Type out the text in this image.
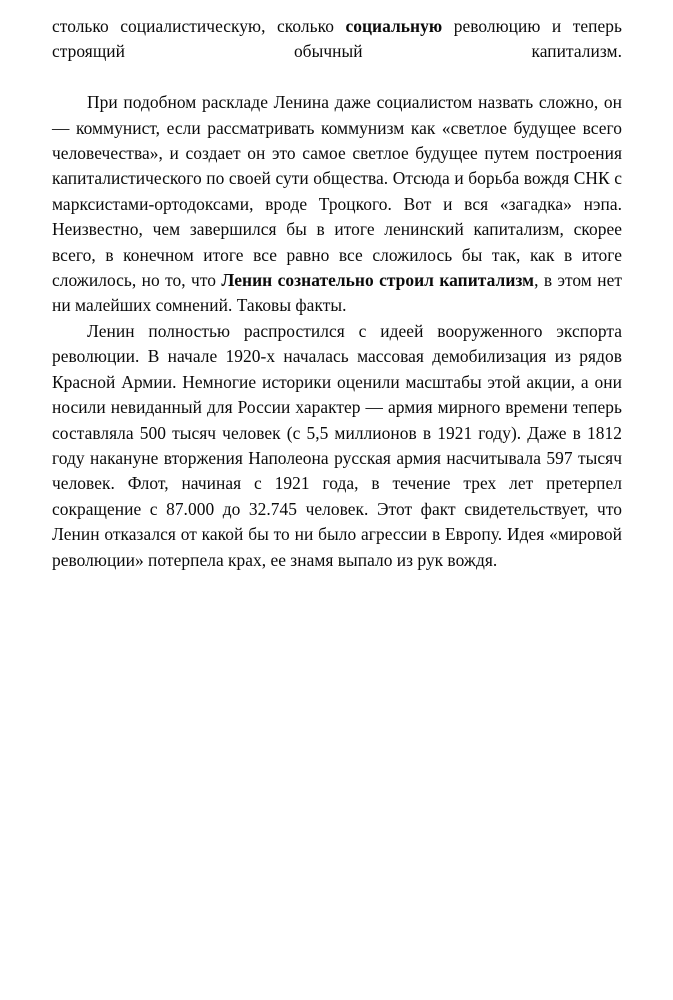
столько социалистическую, сколько социальную революцию и теперь строящий обычный капитализм.

При подобном раскладе Ленина даже социалистом назвать сложно, он — коммунист, если рассматривать коммунизм как «светлое будущее всего человечества», и создает он это самое светлое будущее путем построения капиталистического по своей сути общества. Отсюда и борьба вождя СНК с марксистами-ортодоксами, вроде Троцкого. Вот и вся «загадка» нэпа. Неизвестно, чем завершился бы в итоге ленинский капитализм, скорее всего, в конечном итоге все равно все сложилось бы так, как в итоге сложилось, но то, что Ленин сознательно строил капитализм, в этом нет ни малейших сомнений. Таковы факты.

Ленин полностью распростился с идеей вооруженного экспорта революции. В начале 1920-х началась массовая демобилизация из рядов Красной Армии. Немногие историки оценили масштабы этой акции, а они носили невиданный для России характер — армия мирного времени теперь составляла 500 тысяч человек (с 5,5 миллионов в 1921 году). Даже в 1812 году накануне вторжения Наполеона русская армия насчитывала 597 тысяч человек. Флот, начиная с 1921 года, в течение трех лет претерпел сокращение с 87.000 до 32.745 человек. Этот факт свидетельствует, что Ленин отказался от какой бы то ни было агрессии в Европу. Идея «мировой революции» потерпела крах, ее знамя выпало из рук вождя.
